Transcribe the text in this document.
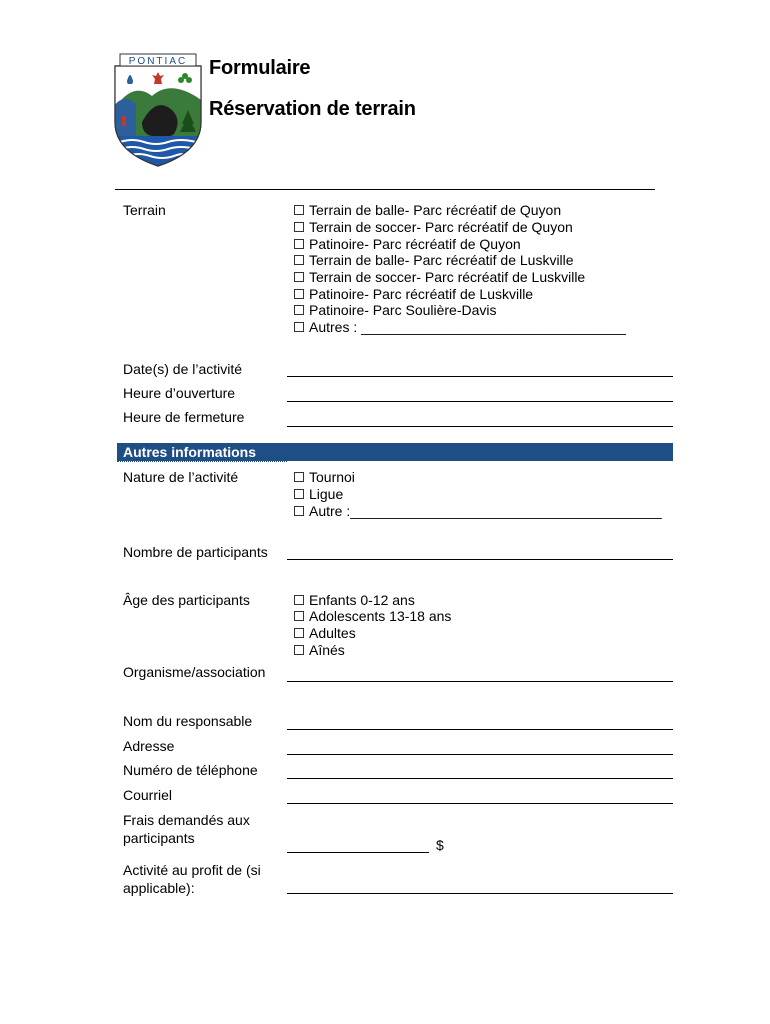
PONTIAC Formulaire
Réservation de terrain
Terrain	Terrain de balle- Parc récréatif de Quyon
Terrain de soccer- Parc récréatif de Quyon
Patinoire- Parc récréatif de Quyon
Terrain de balle- Parc récréatif de Luskville
Terrain de soccer- Parc récréatif de Luskville
Patinoire- Parc récréatif de Luskville
Patinoire- Parc Soulière-Davis
Autres : __________________________________
Date(s) de l’activité
Heure d’ouverture
Heure de fermeture
Autres informations
Nature de l’activité	Tournoi
Ligue
Autre :________________________________________
Nombre de participants
Âge des participants	Enfants 0-12 ans
Adolescents 13-18 ans
Adultes
Aînés
Organisme/association
Nom du responsable
Adresse
Numéro de téléphone
Courriel
Frais demandés aux
participants	$
Activité au profit de (si
applicable):
